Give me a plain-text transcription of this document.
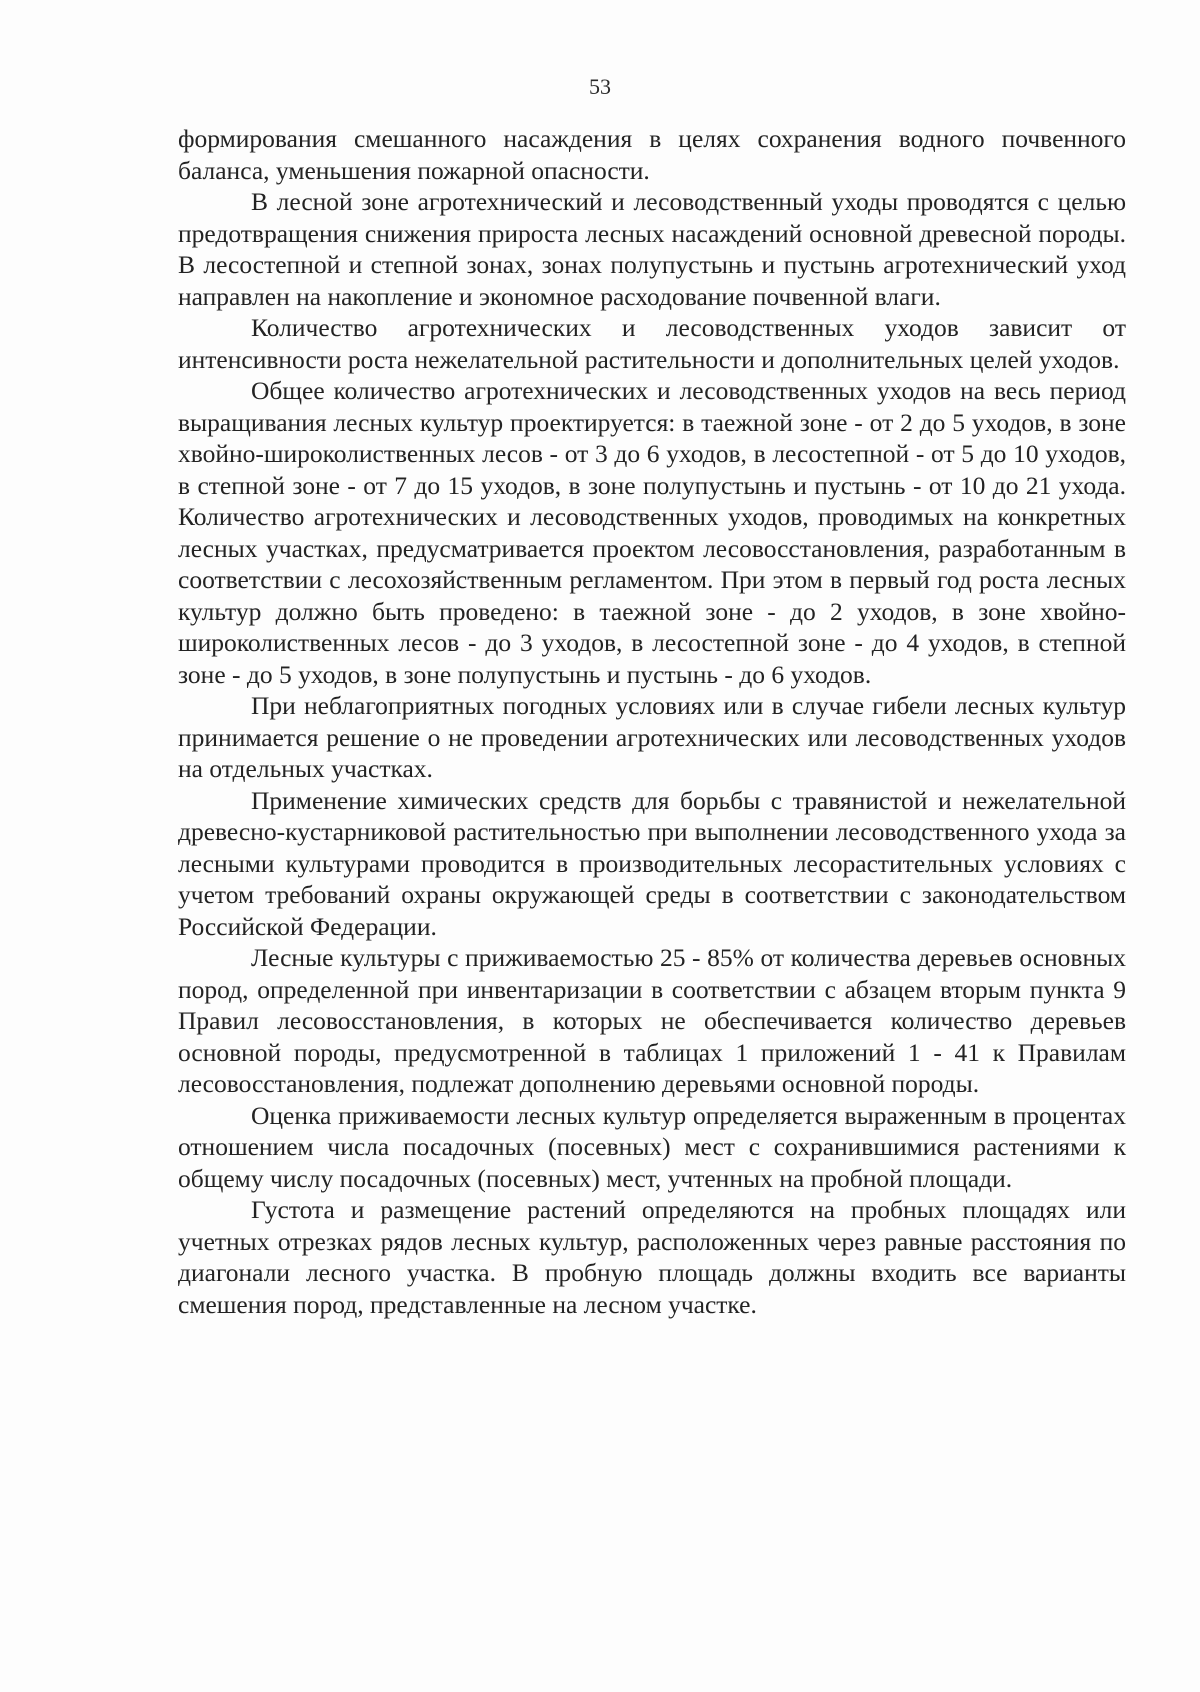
53

формирования смешанного насаждения в целях сохранения водного почвенного баланса, уменьшения пожарной опасности.

В лесной зоне агротехнический и лесоводственный уходы проводятся с целью предотвращения снижения прироста лесных насаждений основной древесной породы. В лесостепной и степной зонах, зонах полупустынь и пустынь агротехнический уход направлен на накопление и экономное расходование почвенной влаги.

Количество агротехнических и лесоводственных уходов зависит от интенсивности роста нежелательной растительности и дополнительных целей уходов.

Общее количество агротехнических и лесоводственных уходов на весь период выращивания лесных культур проектируется: в таежной зоне - от 2 до 5 уходов, в зоне хвойно-широколиственных лесов - от 3 до 6 уходов, в лесостепной - от 5 до 10 уходов, в степной зоне - от 7 до 15 уходов, в зоне полупустынь и пустынь - от 10 до 21 ухода. Количество агротехнических и лесоводственных уходов, проводимых на конкретных лесных участках, предусматривается проектом лесовосстановления, разработанным в соответствии с лесохозяйственным регламентом. При этом в первый год роста лесных культур должно быть проведено: в таежной зоне - до 2 уходов, в зоне хвойно-широколиственных лесов - до 3 уходов, в лесостепной зоне - до 4 уходов, в степной зоне - до 5 уходов, в зоне полупустынь и пустынь - до 6 уходов.

При неблагоприятных погодных условиях или в случае гибели лесных культур принимается решение о не проведении агротехнических или лесоводственных уходов на отдельных участках.

Применение химических средств для борьбы с травянистой и нежелательной древесно-кустарниковой растительностью при выполнении лесоводственного ухода за лесными культурами проводится в производительных лесорастительных условиях с учетом требований охраны окружающей среды в соответствии с законодательством Российской Федерации.

Лесные культуры с приживаемостью 25 - 85% от количества деревьев основных пород, определенной при инвентаризации в соответствии с абзацем вторым пункта 9 Правил лесовосстановления, в которых не обеспечивается количество деревьев основной породы, предусмотренной в таблицах 1 приложений 1 - 41 к Правилам лесовосстановления, подлежат дополнению деревьями основной породы.

Оценка приживаемости лесных культур определяется выраженным в процентах отношением числа посадочных (посевных) мест с сохранившимися растениями к общему числу посадочных (посевных) мест, учтенных на пробной площади.

Густота и размещение растений определяются на пробных площадях или учетных отрезках рядов лесных культур, расположенных через равные расстояния по диагонали лесного участка. В пробную площадь должны входить все варианты смешения пород, представленные на лесном участке.
